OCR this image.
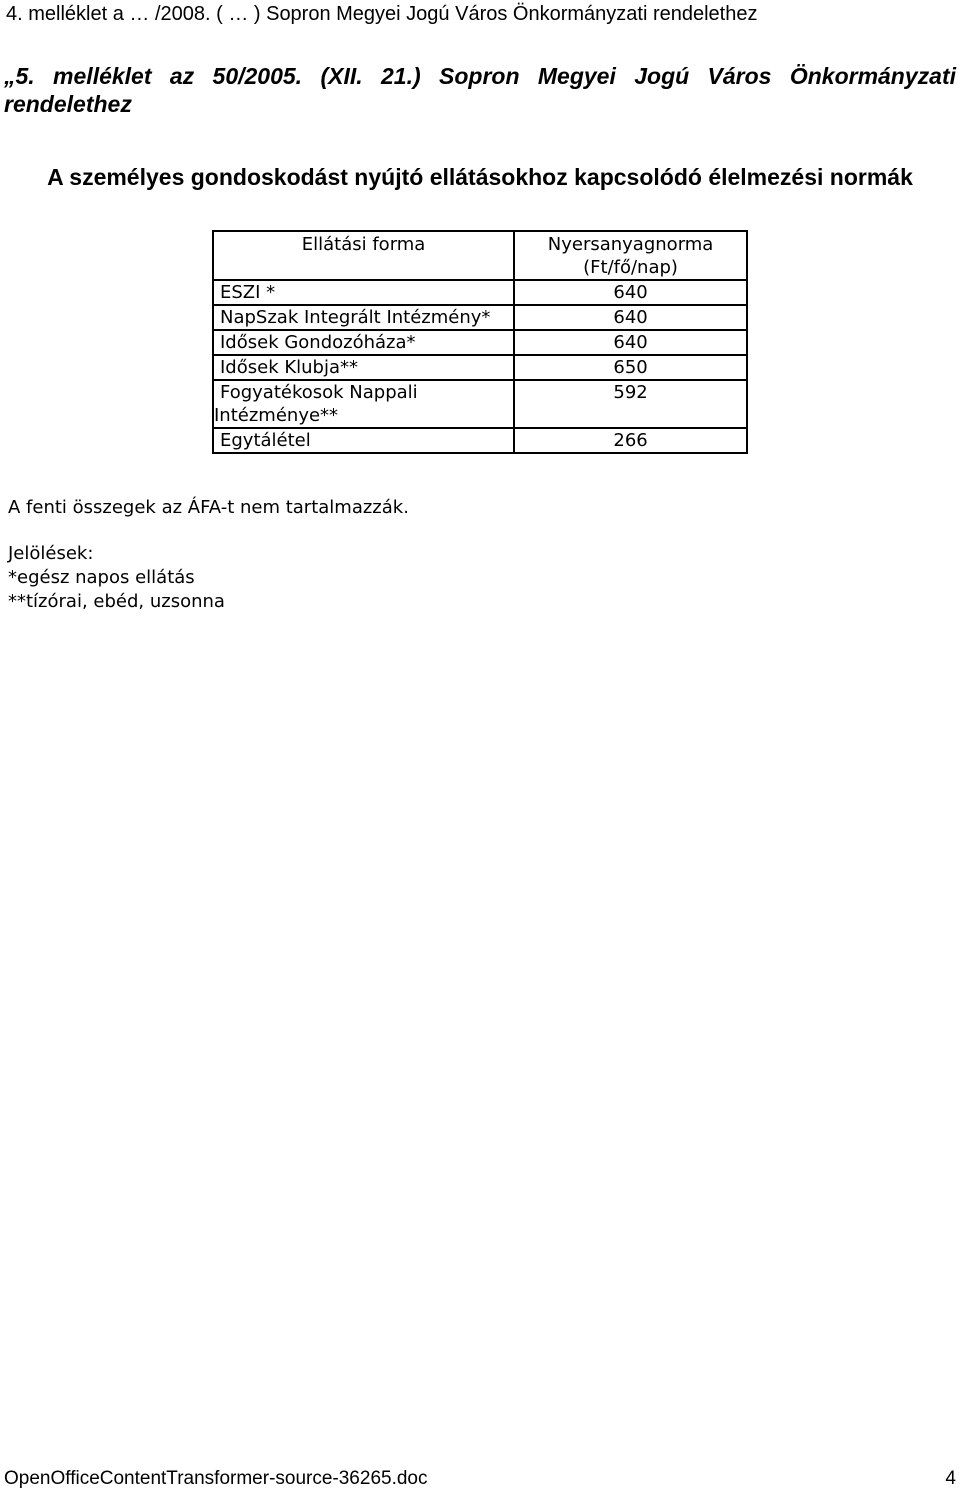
4. melléklet a … /2008. ( … ) Sopron Megyei Jogú Város Önkormányzati rendelethez
„5. melléklet az 50/2005. (XII. 21.) Sopron Megyei Jogú Város Önkormányzati rendelethez
A személyes gondoskodást nyújtó ellátásokhoz kapcsolódó élelmezési normák
Ellátási forma	Nyersanyagnorma (Ft/fő/nap)
ESZI *	640
NapSzak Integrált Intézmény*	640
Idősek Gondozóháza*	640
Idősek Klubja**	650
Fogyatékosok Nappali Intézménye**	592
Egytálétel	266
A fenti összegek az ÁFA-t nem tartalmazzák.
Jelölések:
*egész napos ellátás
**tízórai, ebéd, uzsonna
OpenOfficeContentTransformer-source-36265.doc	4
